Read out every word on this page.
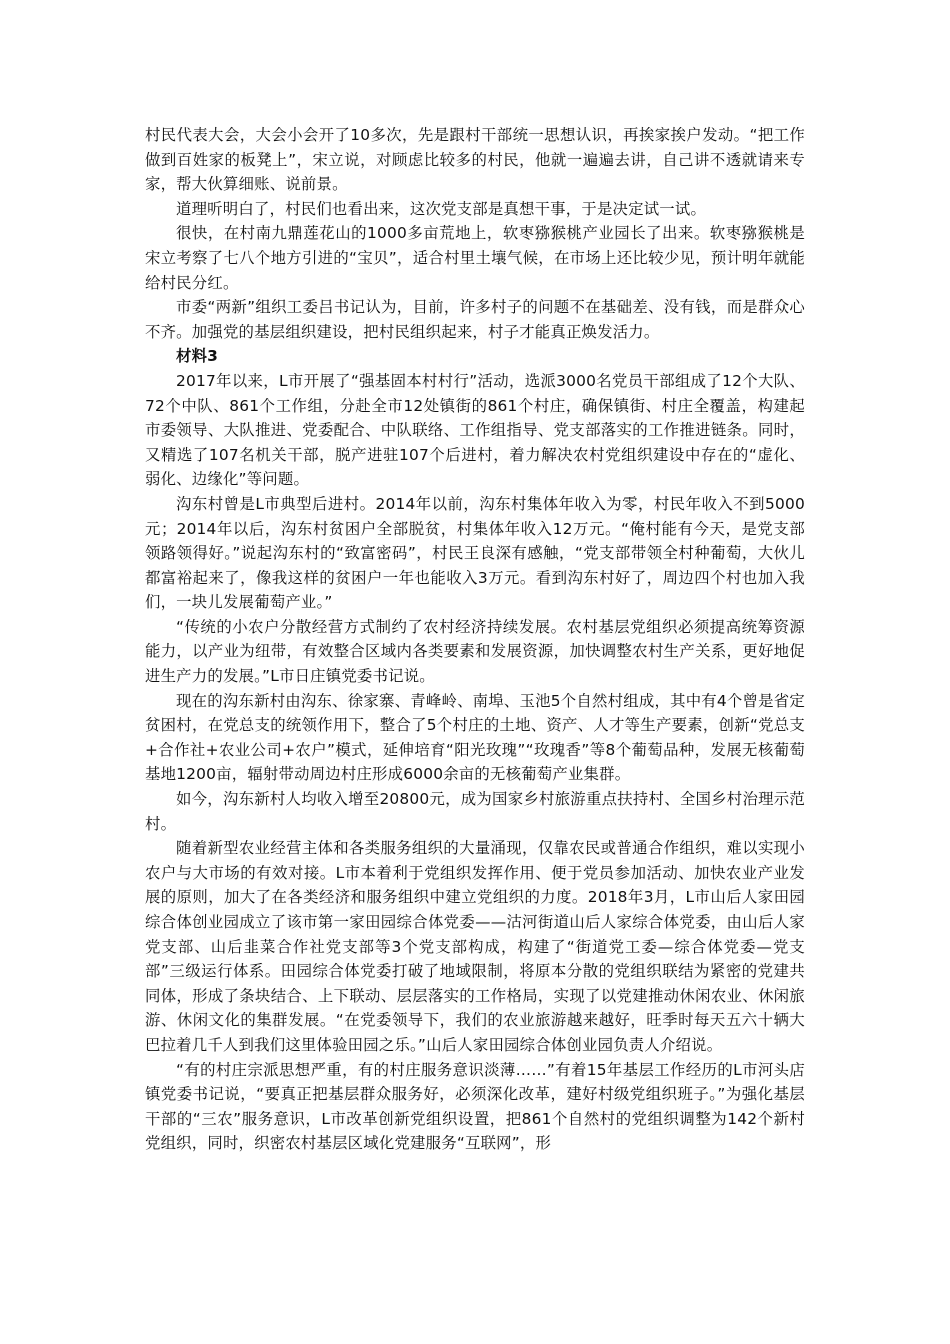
村民代表大会，大会小会开了10多次，先是跟村干部统一思想认识，再挨家挨户发动。“把工作做到百姓家的板凳上”，宋立说，对顾虑比较多的村民，他就一遍遍去讲，自己讲不透就请来专家，帮大伙算细账、说前景。

道理听明白了，村民们也看出来，这次党支部是真想干事，于是决定试一试。

很快，在村南九鼎莲花山的1000多亩荒地上，软枣猕猴桃产业园长了出来。软枣猕猴桃是宋立考察了七八个地方引进的“宝贝”，适合村里土壤气候，在市场上还比较少见，预计明年就能给村民分红。

市委“两新”组织工委吕书记认为，目前，许多村子的问题不在基础差、没有钱，而是群众心不齐。加强党的基层组织建设，把村民组织起来，村子才能真正焕发活力。

材料3

2017年以来，L市开展了“强基固本村村行”活动，选派3000名党员干部组成了12个大队、72个中队、861个工作组，分赴全市12处镇街的861个村庄，确保镇街、村庄全覆盖，构建起市委领导、大队推进、党委配合、中队联络、工作组指导、党支部落实的工作推进链条。同时，又精选了107名机关干部，脱产进驻107个后进村，着力解决农村党组织建设中存在的“虚化、弱化、边缘化”等问题。

沟东村曾是L市典型后进村。2014年以前，沟东村集体年收入为零，村民年收入不到5000元；2014年以后，沟东村贫困户全部脱贫，村集体年收入12万元。“俺村能有今天，是党支部领路领得好。”说起沟东村的“致富密码”，村民王良深有感触，“党支部带领全村种葡萄，大伙儿都富裕起来了，像我这样的贫困户一年也能收入3万元。看到沟东村好了，周边四个村也加入我们，一块儿发展葡萄产业。”

“传统的小农户分散经营方式制约了农村经济持续发展。农村基层党组织必须提高统筹资源能力，以产业为纽带，有效整合区域内各类要素和发展资源，加快调整农村生产关系，更好地促进生产力的发展。”L市日庄镇党委书记说。

现在的沟东新村由沟东、徐家寨、青峰岭、南埠、玉池5个自然村组成，其中有4个曾是省定贫困村，在党总支的统领作用下，整合了5个村庄的土地、资产、人才等生产要素，创新“党总支+合作社+农业公司+农户”模式，延伸培育“阳光玫瑰”“玫瑰香”等8个葡萄品种，发展无核葡萄基地1200亩，辐射带动周边村庄形成6000余亩的无核葡萄产业集群。

如今，沟东新村人均收入增至20800元，成为国家乡村旅游重点扶持村、全国乡村治理示范村。

随着新型农业经营主体和各类服务组织的大量涌现，仅靠农民或普通合作组织，难以实现小农户与大市场的有效对接。L市本着利于党组织发挥作用、便于党员参加活动、加快农业产业发展的原则，加大了在各类经济和服务组织中建立党组织的力度。2018年3月，L市山后人家田园综合体创业园成立了该市第一家田园综合体党委——沽河街道山后人家综合体党委，由山后人家党支部、山后韭菜合作社党支部等3个党支部构成，构建了“街道党工委—综合体党委—党支部”三级运行体系。田园综合体党委打破了地域限制，将原本分散的党组织联结为紧密的党建共同体，形成了条块结合、上下联动、层层落实的工作格局，实现了以党建推动休闲农业、休闲旅游、休闲文化的集群发展。“在党委领导下，我们的农业旅游越来越好，旺季时每天五六十辆大巴拉着几千人到我们这里体验田园之乐。”山后人家田园综合体创业园负责人介绍说。

“有的村庄宗派思想严重，有的村庄服务意识淡薄……”有着15年基层工作经历的L市河头店镇党委书记说，“要真正把基层群众服务好，必须深化改革，建好村级党组织班子。”为强化基层干部的“三农”服务意识，L市改革创新党组织设置，把861个自然村的党组织调整为142个新村党组织，同时，织密农村基层区域化党建服务“互联网”，形
